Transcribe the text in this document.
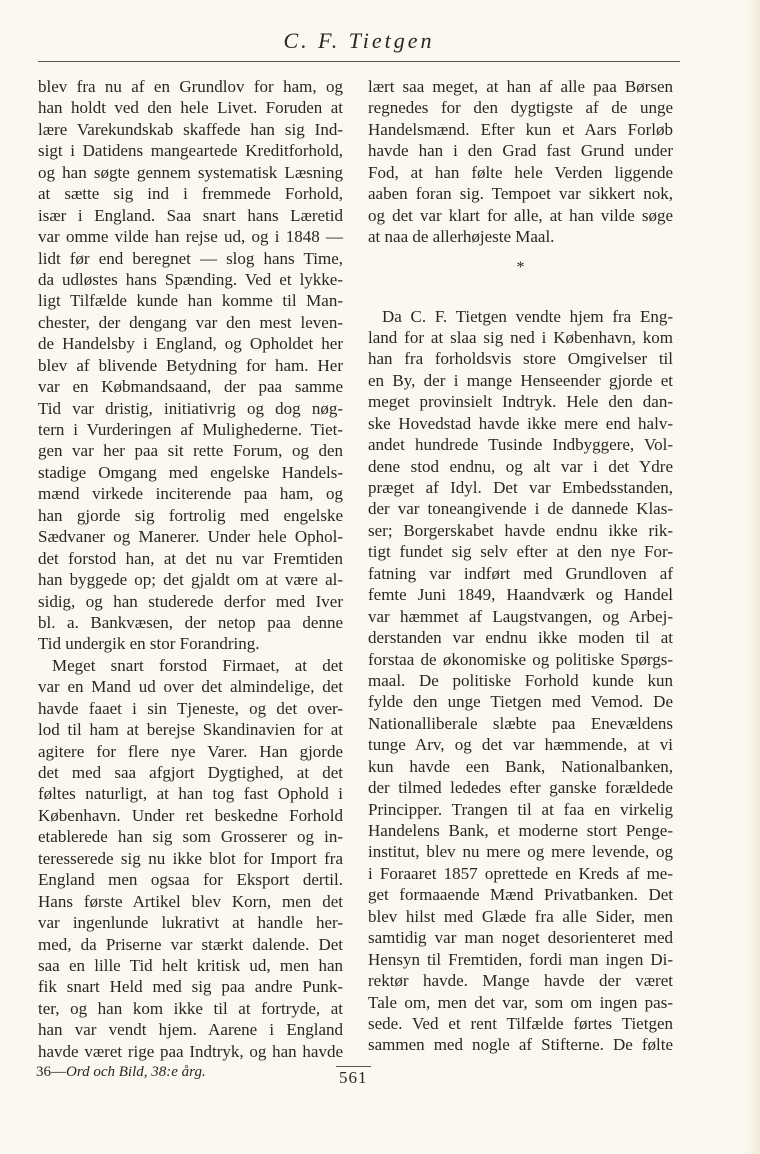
C. F. Tietgen
blev fra nu af en Grundlov for ham, og
han holdt ved den hele Livet. Foruden at
lære Varekundskab skaffede han sig Ind-
sigt i Datidens mangeartede Kreditforhold,
og han søgte gennem systematisk Læsning
at sætte sig ind i fremmede Forhold,
især i England. Saa snart hans Læretid
var omme vilde han rejse ud, og i 1848 —
lidt før end beregnet — slog hans Time,
da udløstes hans Spænding. Ved et lykke-
ligt Tilfælde kunde han komme til Man-
chester, der dengang var den mest leven-
de Handelsby i England, og Opholdet her
blev af blivende Betydning for ham. Her
var en Købmandsaand, der paa samme
Tid var dristig, initiativrig og dog nøg-
tern i Vurderingen af Mulighederne. Tiet-
gen var her paa sit rette Forum, og den
stadige Omgang med engelske Handels-
mænd virkede inciterende paa ham, og
han gjorde sig fortrolig med engelske
Sædvaner og Manerer. Under hele Ophol-
det forstod han, at det nu var Fremtiden
han byggede op; det gjaldt om at være al-
sidig, og han studerede derfor med Iver
bl. a. Bankvæsen, der netop paa denne
Tid undergik en stor Forandring.
Meget snart forstod Firmaet, at det
var en Mand ud over det almindelige, det
havde faaet i sin Tjeneste, og det over-
lod til ham at berejse Skandinavien for at
agitere for flere nye Varer. Han gjorde
det med saa afgjort Dygtighed, at det
føltes naturligt, at han tog fast Ophold i
København. Under ret beskedne Forhold
etablerede han sig som Grosserer og in-
teresserede sig nu ikke blot for Import fra
England men ogsaa for Eksport dertil.
Hans første Artikel blev Korn, men det
var ingenlunde lukrativt at handle her-
med, da Priserne var stærkt dalende. Det
saa en lille Tid helt kritisk ud, men han
fik snart Held med sig paa andre Punk-
ter, og han kom ikke til at fortryde, at
han var vendt hjem. Aarene i England
havde været rige paa Indtryk, og han havde
lært saa meget, at han af alle paa Børsen
regnedes for den dygtigste af de unge
Handelsmænd. Efter kun et Aars Forløb
havde han i den Grad fast Grund under
Fod, at han følte hele Verden liggende
aaben foran sig. Tempoet var sikkert nok,
og det var klart for alle, at han vilde søge
at naa de allerhøjeste Maal.
*
Da C. F. Tietgen vendte hjem fra Eng-
land for at slaa sig ned i København, kom
han fra forholdsvis store Omgivelser til
en By, der i mange Henseender gjorde et
meget provinsielt Indtryk. Hele den dan-
ske Hovedstad havde ikke mere end halv-
andet hundrede Tusinde Indbyggere, Vol-
dene stod endnu, og alt var i det Ydre
præget af Idyl. Det var Embedsstanden,
der var toneangivende i de dannede Klas-
ser; Borgerskabet havde endnu ikke rik-
tigt fundet sig selv efter at den nye For-
fatning var indført med Grundloven af
femte Juni 1849, Haandværk og Handel
var hæmmet af Laugstvangen, og Arbej-
derstanden var endnu ikke moden til at
forstaa de økonomiske og politiske Spørgs-
maal. De politiske Forhold kunde kun
fylde den unge Tietgen med Vemod. De
Nationalliberale slæbte paa Enevældens
tunge Arv, og det var hæmmende, at vi
kun havde een Bank, Nationalbanken,
der tilmed lededes efter ganske forældede
Principper. Trangen til at faa en virkelig
Handelens Bank, et moderne stort Penge-
institut, blev nu mere og mere levende, og
i Foraaret 1857 oprettede en Kreds af me-
get formaaende Mænd Privatbanken. Det
blev hilst med Glæde fra alle Sider, men
samtidig var man noget desorienteret med
Hensyn til Fremtiden, fordi man ingen Di-
rektør havde. Mange havde der været
Tale om, men det var, som om ingen pas-
sede. Ved et rent Tilfælde førtes Tietgen
sammen med nogle af Stifterne. De følte
36—Ord och Bild, 38:e årg.	561
